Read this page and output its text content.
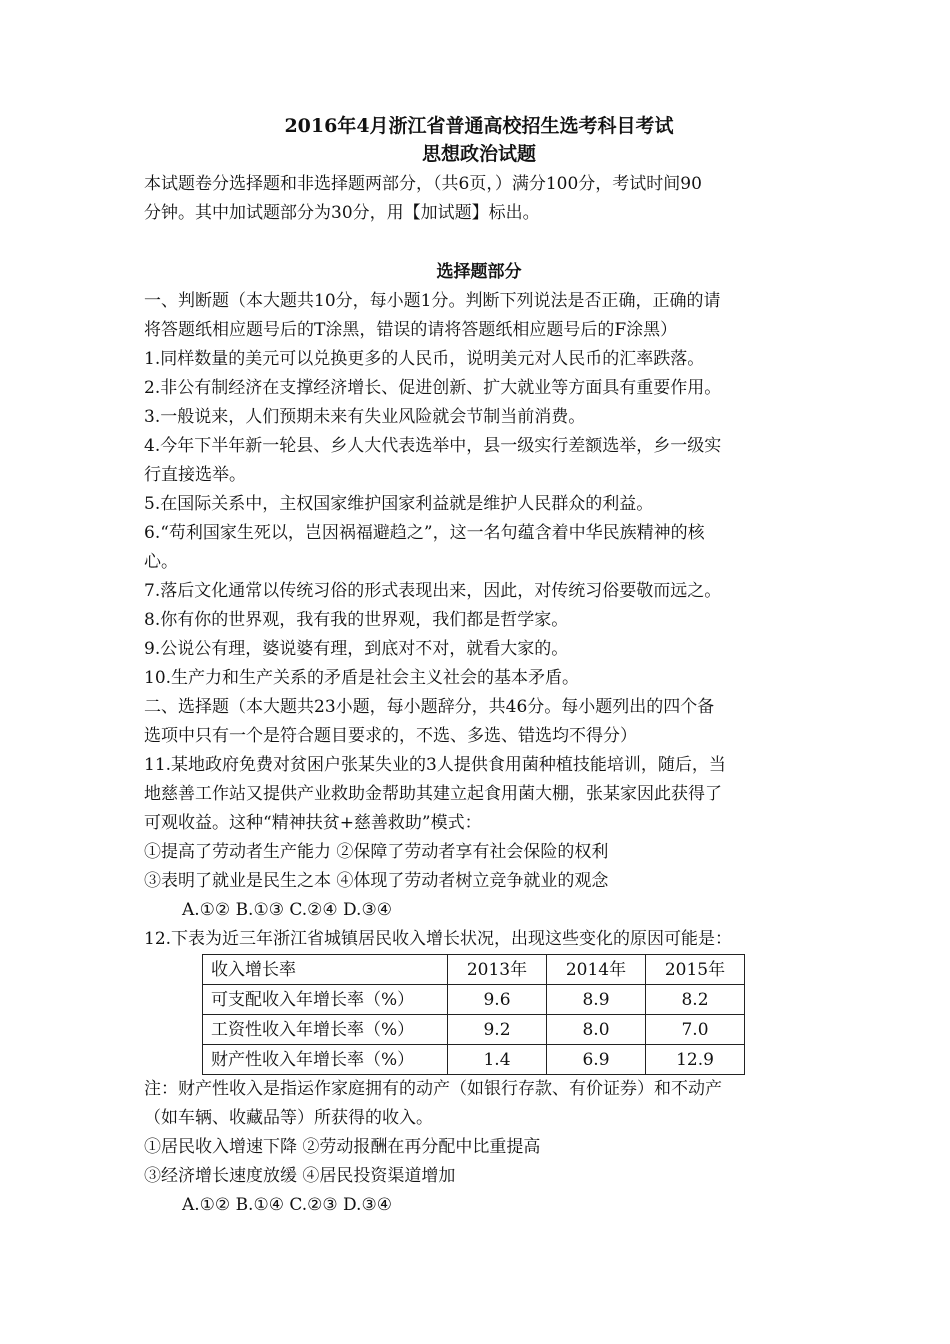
2016年4月浙江省普通高校招生选考科目考试
思想政治试题
本试题卷分选择题和非选择题两部分，（共6页，）满分100分，考试时间90
分钟。其中加试题部分为30分，用【加试题】标出。
选择题部分
一、判断题（本大题共10分，每小题1分。判断下列说法是否正确，正确的请
将答题纸相应题号后的T涂黑，错误的请将答题纸相应题号后的F涂黑）
1.同样数量的美元可以兑换更多的人民币，说明美元对人民币的汇率跌落。
2.非公有制经济在支撑经济增长、促进创新、扩大就业等方面具有重要作用。
3.一般说来，人们预期未来有失业风险就会节制当前消费。
4.今年下半年新一轮县、乡人大代表选举中，县一级实行差额选举，乡一级实
行直接选举。
5.在国际关系中，主权国家维护国家利益就是维护人民群众的利益。
6.“苟利国家生死以，岂因祸福避趋之”，这一名句蕴含着中华民族精神的核
心。
7.落后文化通常以传统习俗的形式表现出来，因此，对传统习俗要敬而远之。
8.你有你的世界观，我有我的世界观，我们都是哲学家。
9.公说公有理，婆说婆有理，到底对不对，就看大家的。
10.生产力和生产关系的矛盾是社会主义社会的基本矛盾。
二、选择题（本大题共23小题，每小题辞分，共46分。每小题列出的四个备
选项中只有一个是符合题目要求的，不选、多选、错选均不得分）
11.某地政府免费对贫困户张某失业的3人提供食用菌种植技能培训，随后，当
地慈善工作站又提供产业救助金帮助其建立起食用菌大棚，张某家因此获得了
可观收益。这种“精神扶贫+慈善救助”模式：
①提高了劳动者生产能力 ②保障了劳动者享有社会保险的权利
③表明了就业是民生之本 ④体现了劳动者树立竞争就业的观念
A.①② B.①③ C.②④ D.③④
12.下表为近三年浙江省城镇居民收入增长状况，出现这些变化的原因可能是：
收入增长率	2013年	2014年	2015年
可支配收入年增长率（%）	9.6	8.9	8.2
工资性收入年增长率（%）	9.2	8.0	7.0
财产性收入年增长率（%）	1.4	6.9	12.9
注：财产性收入是指运作家庭拥有的动产（如银行存款、有价证券）和不动产
（如车辆、收藏品等）所获得的收入。
①居民收入增速下降 ②劳动报酬在再分配中比重提高
③经济增长速度放缓 ④居民投资渠道增加
A.①② B.①④ C.②③ D.③④
